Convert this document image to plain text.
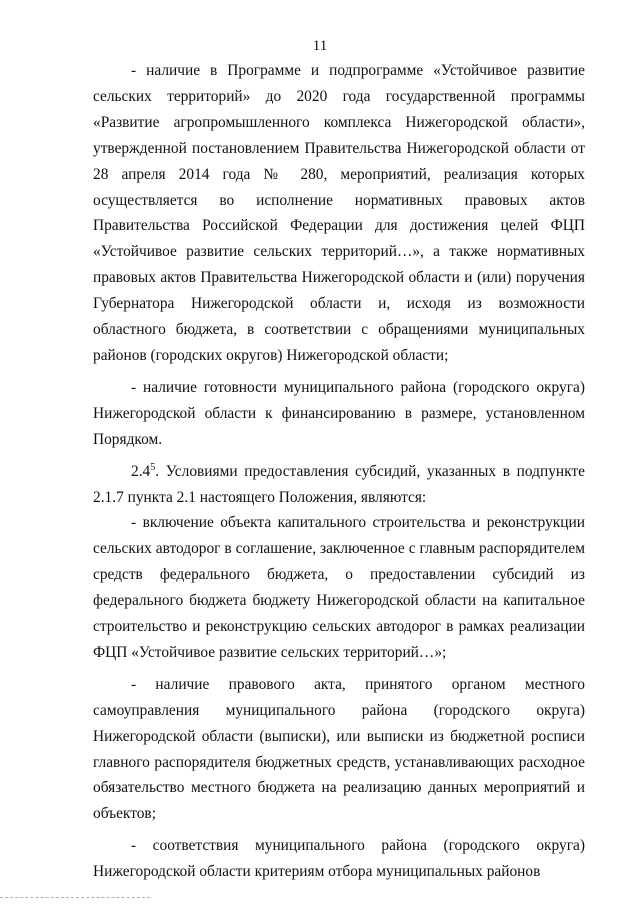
11

- наличие в Программе и подпрограмме «Устойчивое развитие сельских территорий» до 2020 года государственной программы «Развитие агропромышленного комплекса Нижегородской области», утвержденной постановлением Правительства Нижегородской области от 28 апреля 2014 года № 280, мероприятий, реализация которых осуществляется во исполнение нормативных правовых актов Правительства Российской Федерации для достижения целей ФЦП «Устойчивое развитие сельских территорий…», а также нормативных правовых актов Правительства Нижегородской области и (или) поручения Губернатора Нижегородской области и, исходя из возможности областного бюджета, в соответствии с обращениями муниципальных районов (городских округов) Нижегородской области;

- наличие готовности муниципального района (городского округа) Нижегородской области к финансированию в размере, установленном Порядком.

$2.4^5$. Условиями предоставления субсидий, указанных в подпункте 2.1.7 пункта 2.1 настоящего Положения, являются:

- включение объекта капитального строительства и реконструкции сельских автодорог в соглашение, заключенное с главным распорядителем средств федерального бюджета, о предоставлении субсидий из федерального бюджета бюджету Нижегородской области на капитальное строительство и реконструкцию сельских автодорог в рамках реализации ФЦП «Устойчивое развитие сельских территорий…»;

- наличие правового акта, принятого органом местного самоуправления муниципального района (городского округа) Нижегородской области (выписки), или выписки из бюджетной росписи главного распорядителя бюджетных средств, устанавливающих расходное обязательство местного бюджета на реализацию данных мероприятий и объектов;

- соответствия муниципального района (городского округа) Нижегородской области критериям отбора муниципальных районов
